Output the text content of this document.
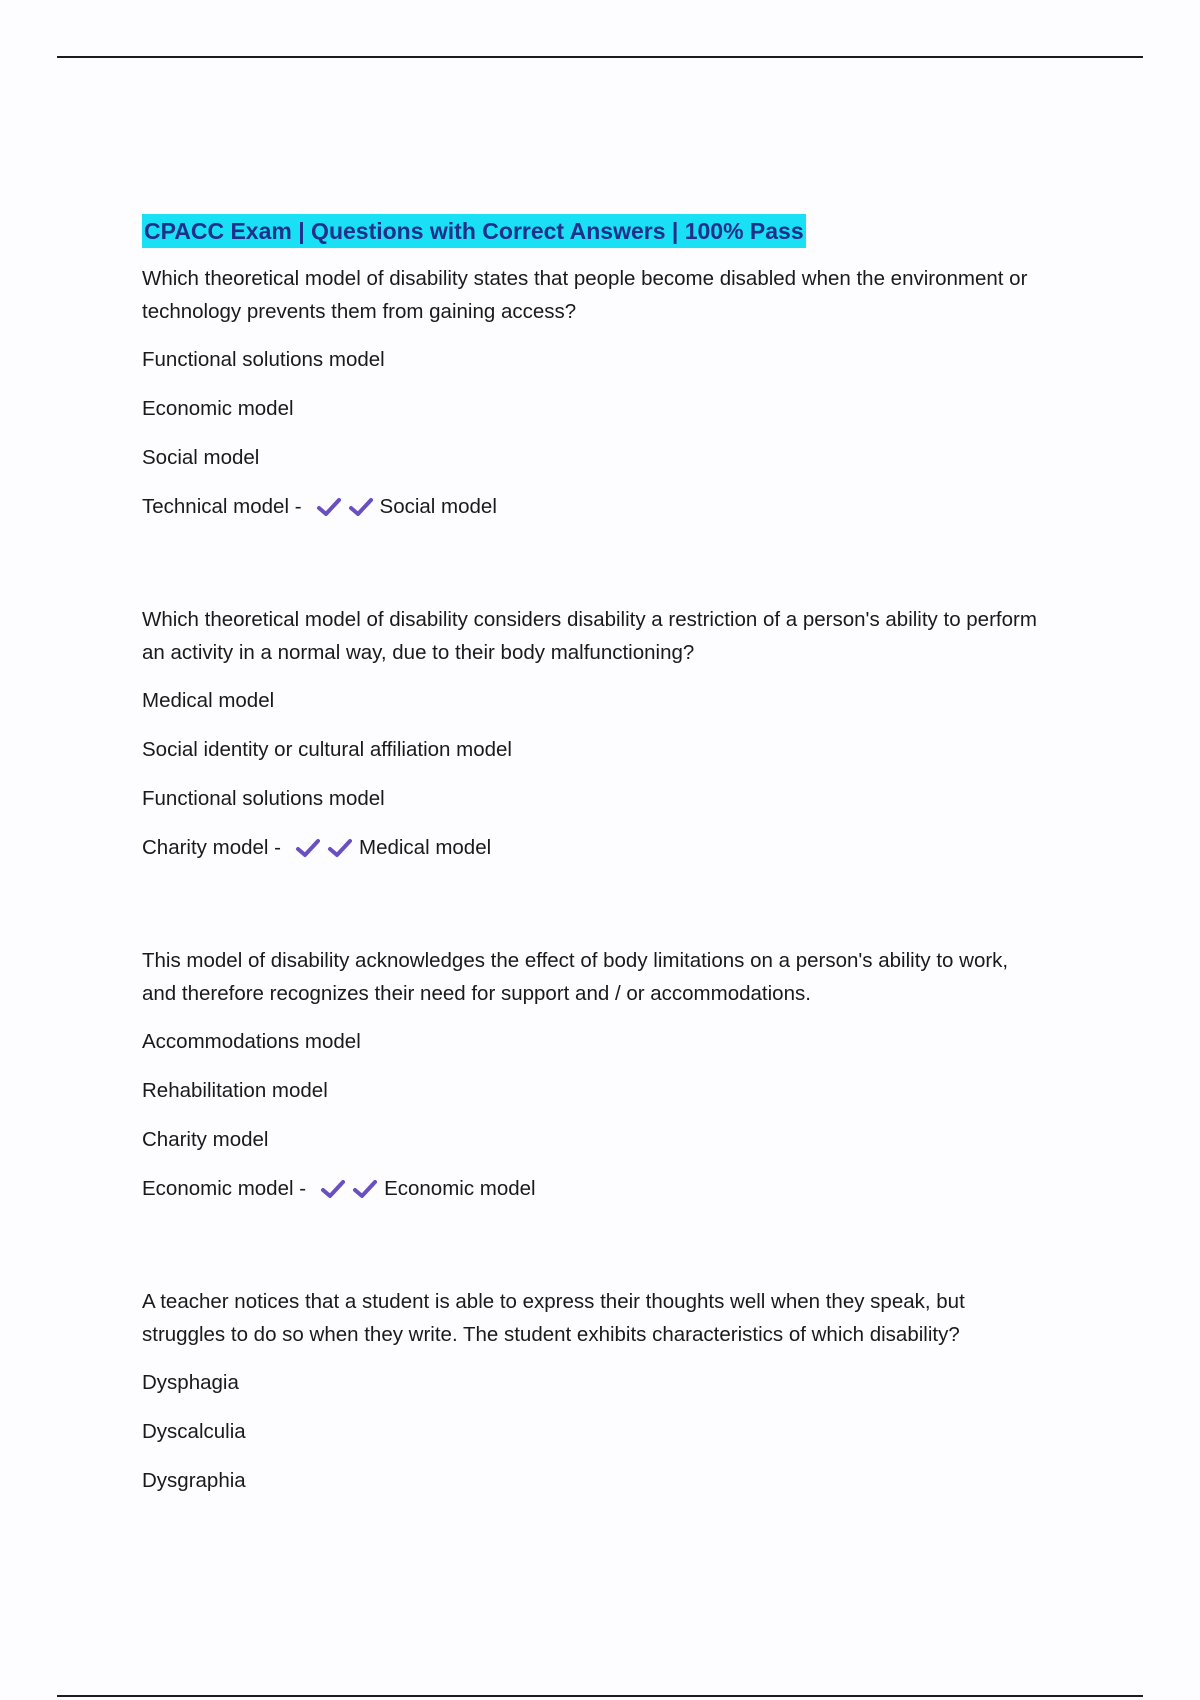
CPACC Exam | Questions with Correct Answers | 100% Pass
Which theoretical model of disability states that people become disabled when the environment or technology prevents them from gaining access?
Functional solutions model
Economic model
Social model
Technical model -	Social model
Which theoretical model of disability considers disability a restriction of a person's ability to perform an activity in a normal way, due to their body malfunctioning?
Medical model
Social identity or cultural affiliation model
Functional solutions model
Charity model -	Medical model
This model of disability acknowledges the effect of body limitations on a person's ability to work, and therefore recognizes their need for support and / or accommodations.
Accommodations model
Rehabilitation model
Charity model
Economic model -	Economic model
A teacher notices that a student is able to express their thoughts well when they speak, but struggles to do so when they write. The student exhibits characteristics of which disability?
Dysphagia
Dyscalculia
Dysgraphia
